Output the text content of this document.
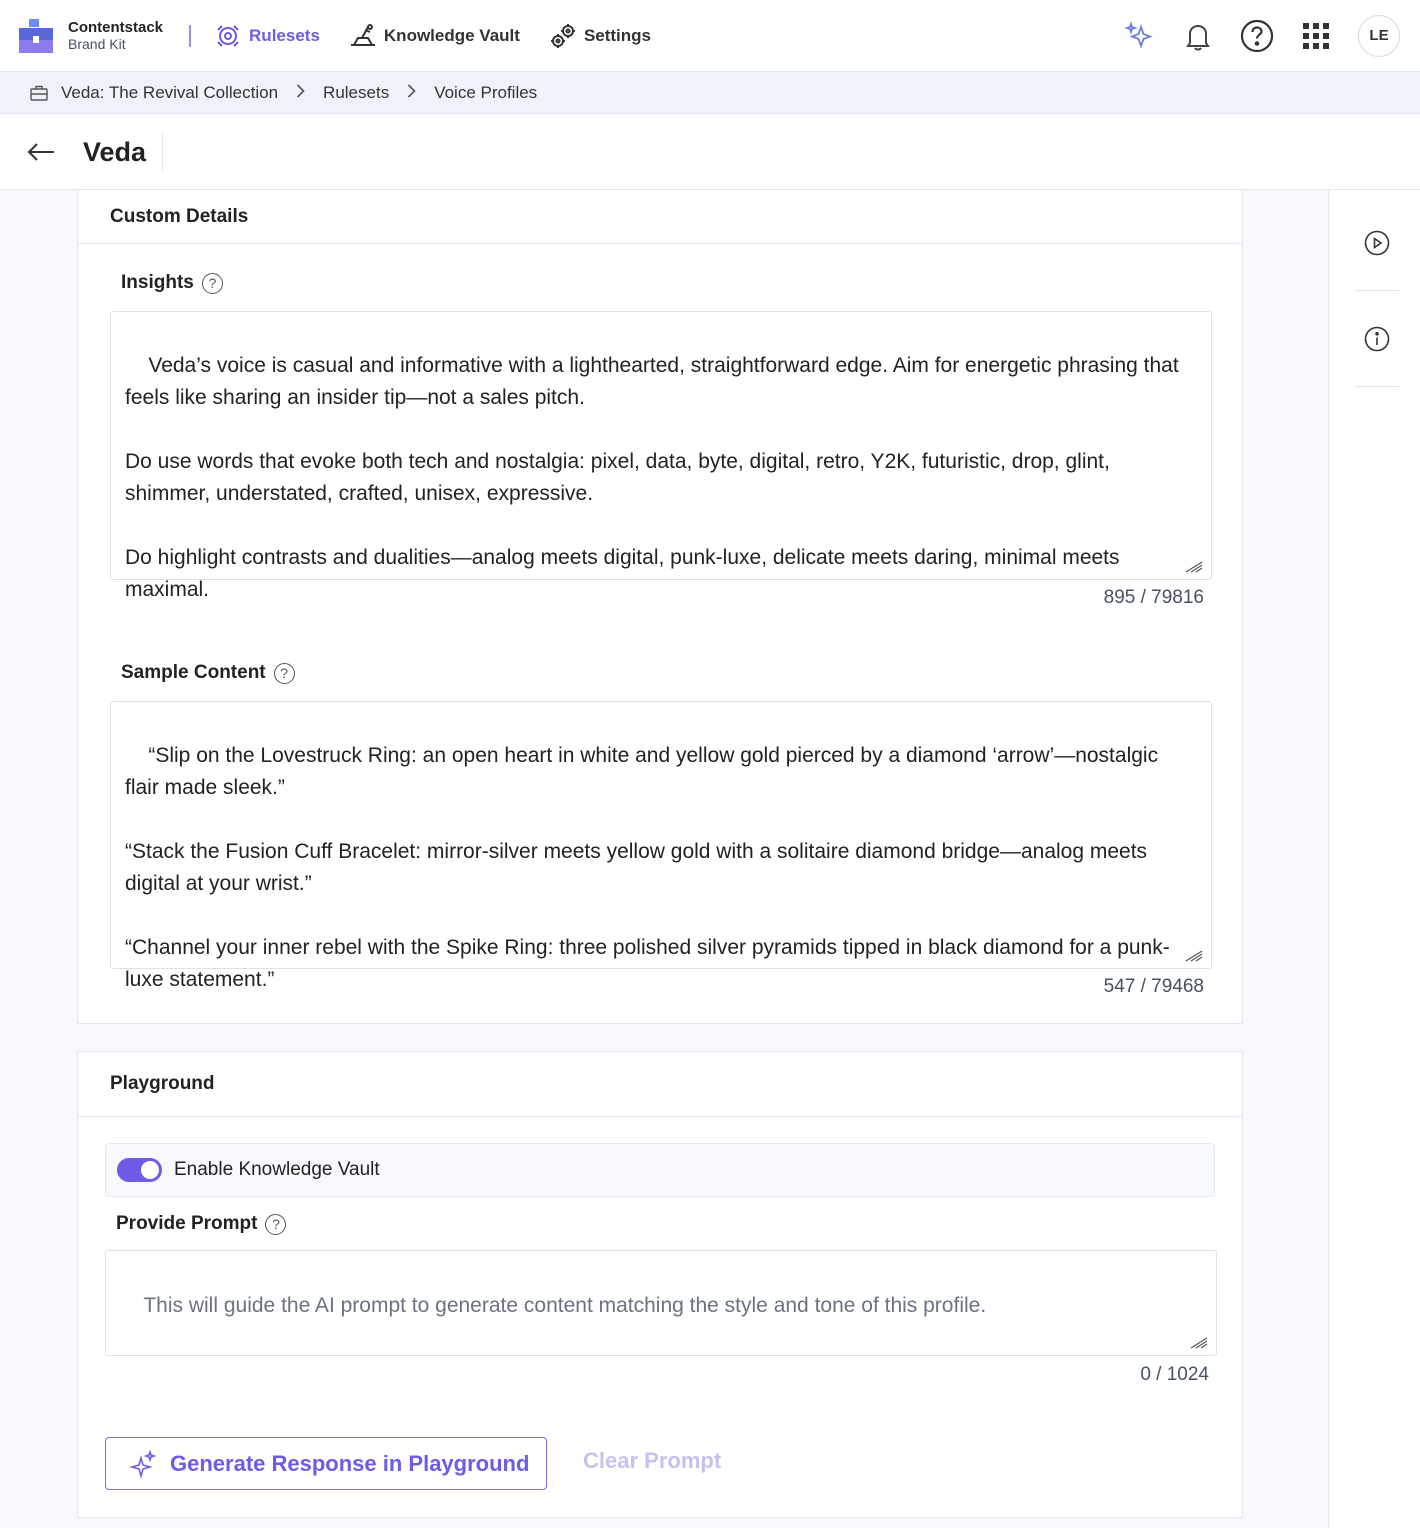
Contentstack
Brand Kit	Rulesets	Knowledge Vault	Settings	LE
Veda: The Revival Collection	Rulesets	Voice Profiles
Veda
Custom Details
Insights	?

Veda’s voice is casual and informative with a lighthearted, straightforward edge. Aim for energetic phrasing that feels like sharing an insider tip—not a sales pitch.

Do use words that evoke both tech and nostalgia: pixel, data, byte, digital, retro, Y2K, futuristic, drop, glint, shimmer, understated, crafted, unisex, expressive.

Do highlight contrasts and dualities—analog meets digital, punk-luxe, delicate meets daring, minimal meets maximal.

	895 / 79816
Sample Content	?

“Slip on the Lovestruck Ring: an open heart in white and yellow gold pierced by a diamond ‘arrow’—nostalgic flair made sleek.”

“Stack the Fusion Cuff Bracelet: mirror-silver meets yellow gold with a solitaire diamond bridge—analog meets digital at your wrist.”

“Channel your inner rebel with the Spike Ring: three polished silver pyramids tipped in black diamond for a punk-luxe statement.”

	547 / 79468
Playground
Enable Knowledge Vault
Provide Prompt	?

This will guide the AI prompt to generate content matching the style and tone of this profile.

0 / 1024
Generate Response in Playground Clear Prompt
